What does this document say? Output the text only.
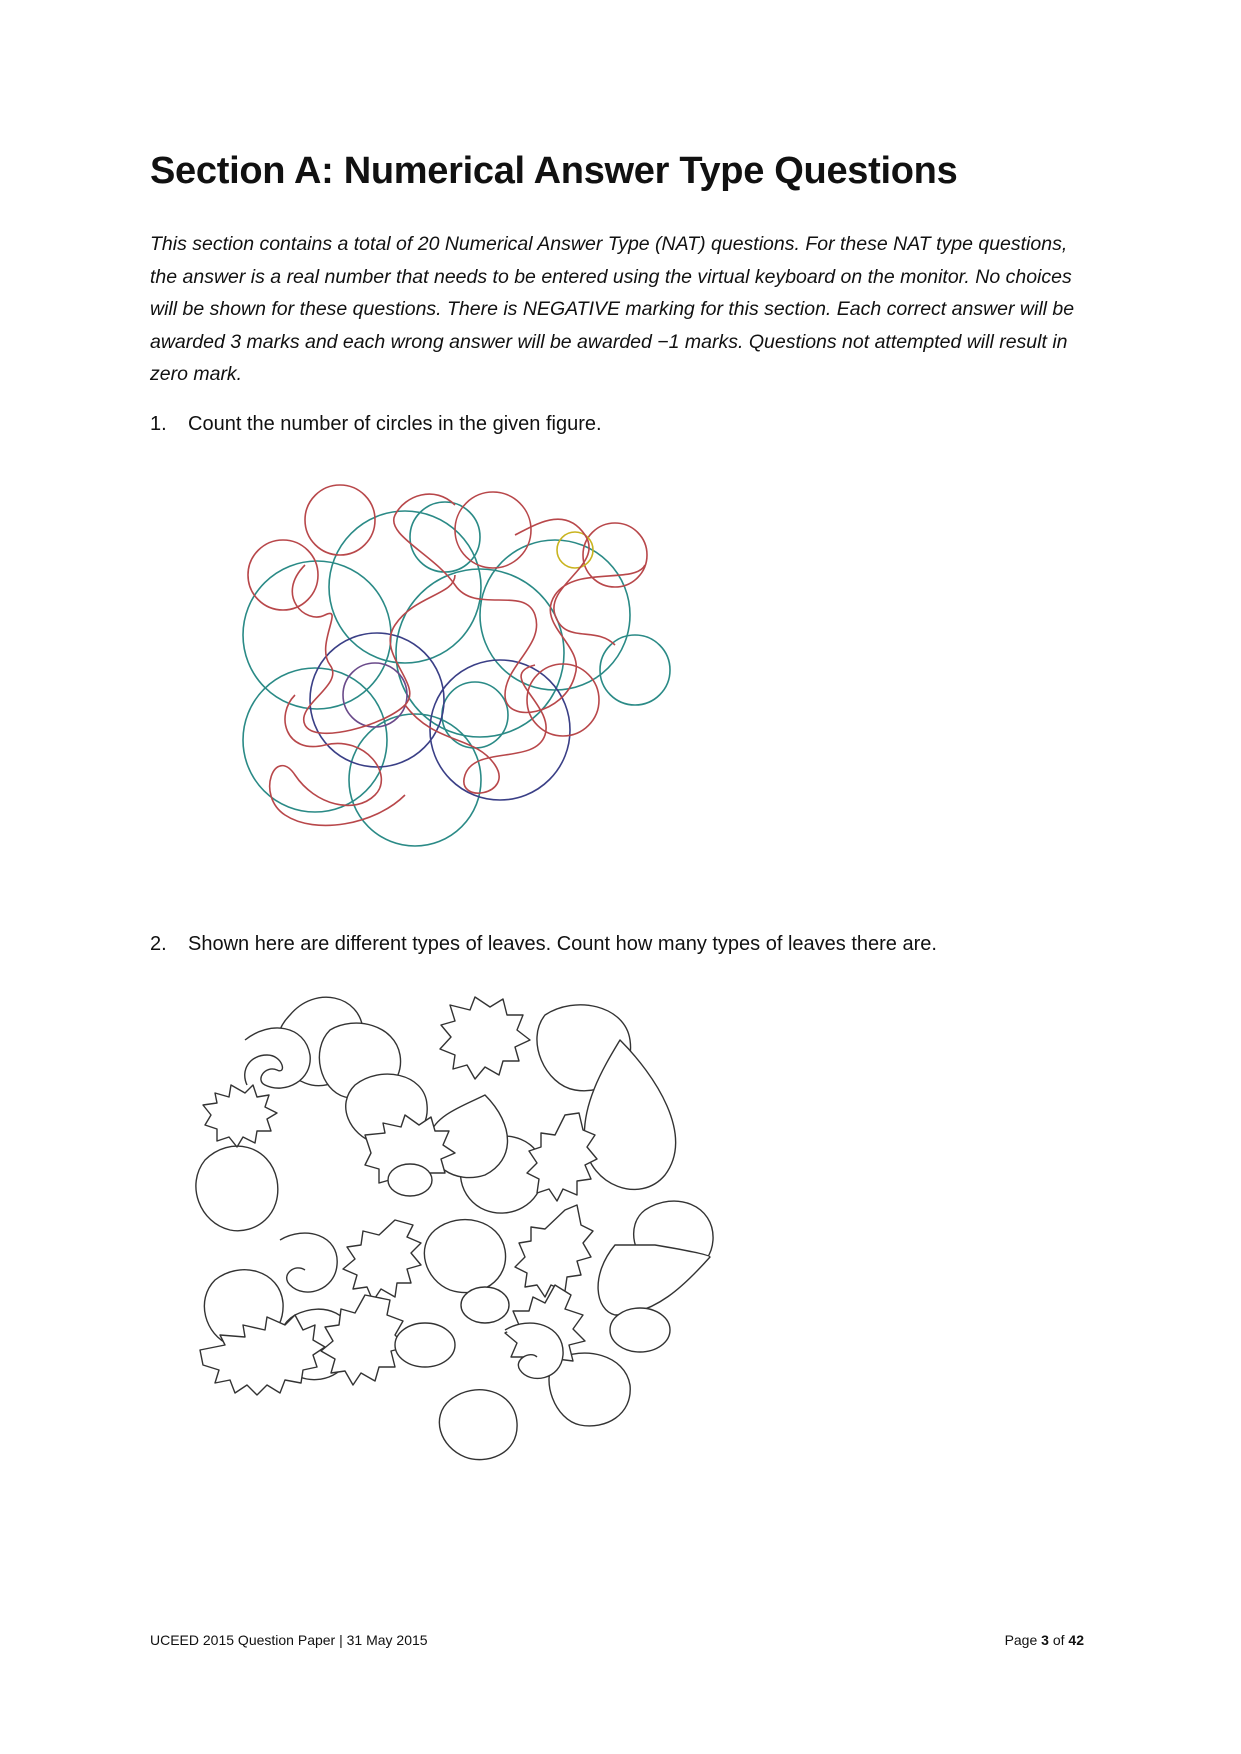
Section A: Numerical Answer Type Questions

This section contains a total of 20 Numerical Answer Type (NAT) questions. For these NAT type questions, the answer is a real number that needs to be entered using the virtual keyboard on the monitor. No choices will be shown for these questions. There is NEGATIVE marking for this section. Each correct answer will be awarded 3 marks and each wrong answer will be awarded −1 marks. Questions not attempted will result in zero mark.

1. Count the number of circles in the given figure.
2. Shown here are different types of leaves. Count how many types of leaves there are.
UCEED 2015 Question Paper | 31 May 2015	Page 3 of 42
